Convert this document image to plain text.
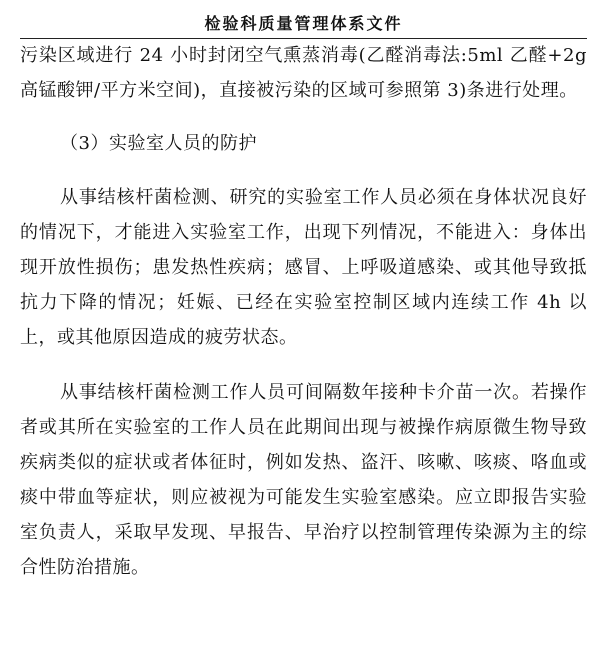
检验科质量管理体系文件

污染区域进行 24 小时封闭空气熏蒸消毒(乙醛消毒法:5ml 乙醛+2g 高锰酸钾/平方米空间)，直接被污染的区域可参照第 3)条进行处理。

（3）实验室人员的防护

从事结核杆菌检测、研究的实验室工作人员必须在身体状况良好的情况下，才能进入实验室工作，出现下列情况，不能进入：身体出现开放性损伤；患发热性疾病；感冒、上呼吸道感染、或其他导致抵抗力下降的情况；妊娠、已经在实验室控制区域内连续工作 4h 以上，或其他原因造成的疲劳状态。

从事结核杆菌检测工作人员可间隔数年接种卡介苗一次。若操作者或其所在实验室的工作人员在此期间出现与被操作病原微生物导致疾病类似的症状或者体征时，例如发热、盗汗、咳嗽、咳痰、咯血或痰中带血等症状，则应被视为可能发生实验室感染。应立即报告实验室负责人，采取早发现、早报告、早治疗以控制管理传染源为主的综合性防治措施。
